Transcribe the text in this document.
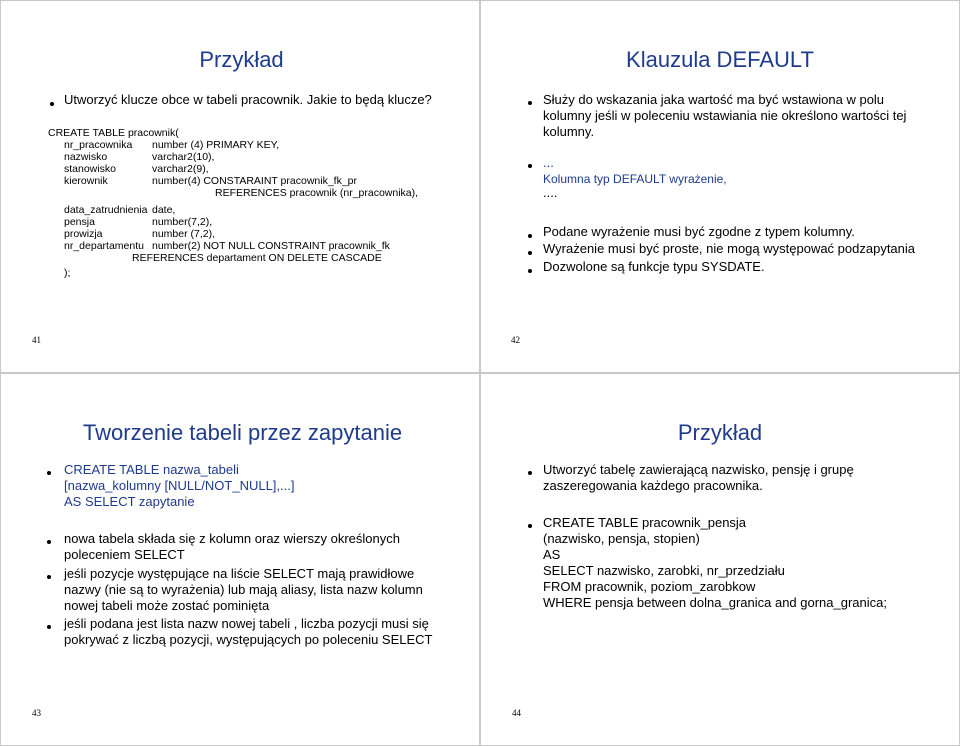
Przykład
Utworzyć klucze obce w tabeli pracownik. Jakie to będą klucze?
CREATE TABLE pracownik(
nr_pracownika number (4) PRIMARY KEY,
nazwisko	varchar2(10),
stanowisko	varchar2(9),
kierownik	number(4) CONSTARAINT pracownik_fk_pr
REFERENCES pracownik (nr_pracownika),
data_zatrudnienia date,
pensja	number(7,2),
prowizja	number (7,2),
nr_departamentu number(2) NOT NULL CONSTRAINT pracownik_fk
REFERENCES departament ON DELETE CASCADE
);
41
Klauzula DEFAULT
Służy do wskazania jaka wartość ma być wstawiona w polu
kolumny jeśli w poleceniu wstawiania nie określono wartości tej
kolumny.
...
Kolumna typ DEFAULT wyrażenie,
....
Podane wyrażenie musi być zgodne z typem kolumny.
Wyrażenie musi być proste, nie mogą występować podzapytania
Dozwolone są funkcje typu SYSDATE.
42
Tworzenie tabeli przez zapytanie
CREATE TABLE nazwa_tabeli
[nazwa_kolumny [NULL/NOT_NULL],...]
AS SELECT zapytanie
nowa tabela składa się z kolumn oraz wierszy określonych
poleceniem SELECT
jeśli pozycje występujące na liście SELECT mają prawidłowe
nazwy (nie są to wyrażenia) lub mają aliasy, lista nazw kolumn
nowej tabeli może zostać pominięta
jeśli podana jest lista nazw nowej tabeli , liczba pozycji musi się
pokrywać z liczbą pozycji, występujących po poleceniu SELECT
43
Przykład
Utworzyć tabelę zawierającą nazwisko, pensję i grupę
zaszeregowania każdego pracownika.
CREATE TABLE pracownik_pensja
(nazwisko, pensja, stopien)
AS
SELECT nazwisko, zarobki, nr_przedziału
FROM pracownik, poziom_zarobkow
WHERE pensja between dolna_granica and gorna_granica;
44
